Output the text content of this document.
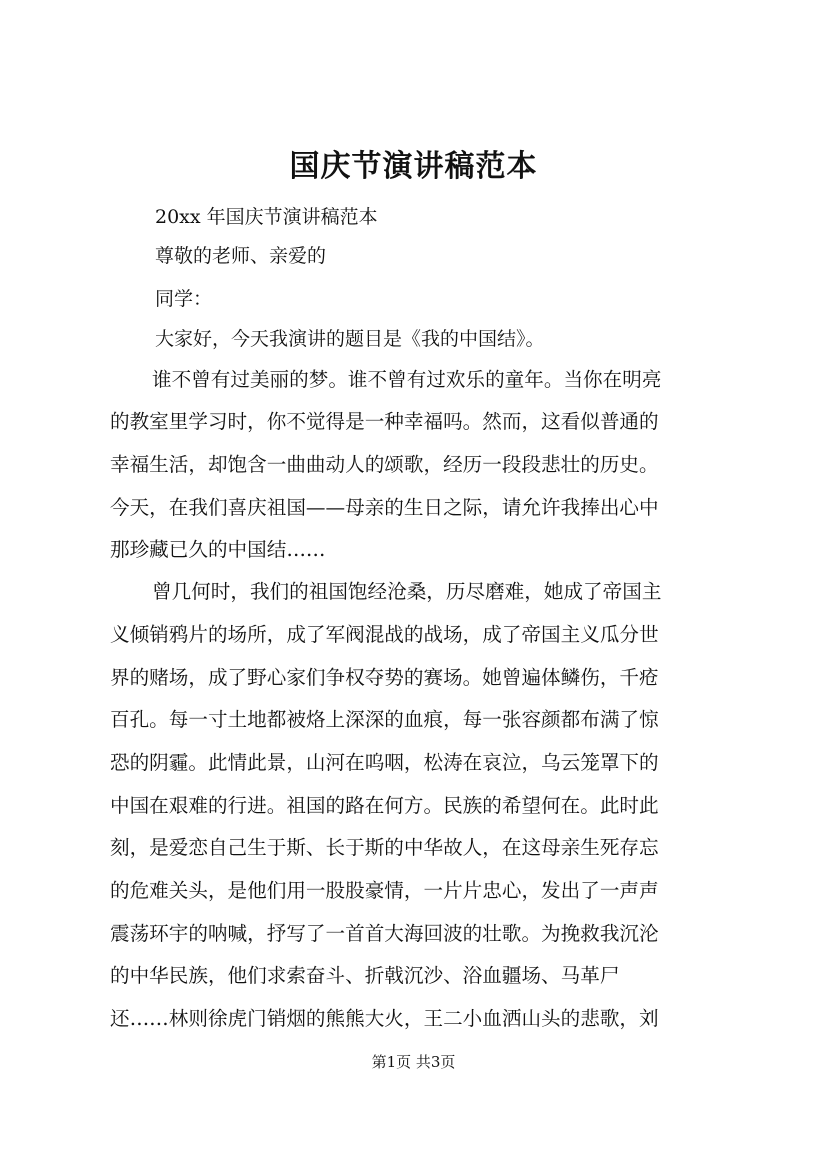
国庆节演讲稿范本
20xx 年国庆节演讲稿范本
尊敬的老师、亲爱的
同学：
大家好，今天我演讲的题目是《我的中国结》。
谁不曾有过美丽的梦。谁不曾有过欢乐的童年。当你在明亮
的教室里学习时，你不觉得是一种幸福吗。然而，这看似普通的
幸福生活，却饱含一曲曲动人的颂歌，经历一段段悲壮的历史。
今天，在我们喜庆祖国——母亲的生日之际，请允许我捧出心中
那珍藏已久的中国结……
曾几何时，我们的祖国饱经沧桑，历尽磨难，她成了帝国主
义倾销鸦片的场所，成了军阀混战的战场，成了帝国主义瓜分世
界的赌场，成了野心家们争权夺势的赛场。她曾遍体鳞伤，千疮
百孔。每一寸土地都被烙上深深的血痕，每一张容颜都布满了惊
恐的阴霾。此情此景，山河在呜咽，松涛在哀泣，乌云笼罩下的
中国在艰难的行进。祖国的路在何方。民族的希望何在。此时此
刻，是爱恋自己生于斯、长于斯的中华故人，在这母亲生死存忘
的危难关头，是他们用一股股豪情，一片片忠心，发出了一声声
震荡环宇的呐喊，抒写了一首首大海回波的壮歌。为挽救我沉沦
的中华民族，他们求索奋斗、折戟沉沙、浴血疆场、马革尸
还……林则徐虎门销烟的熊熊大火，王二小血洒山头的悲歌，刘
第1页 共3页
